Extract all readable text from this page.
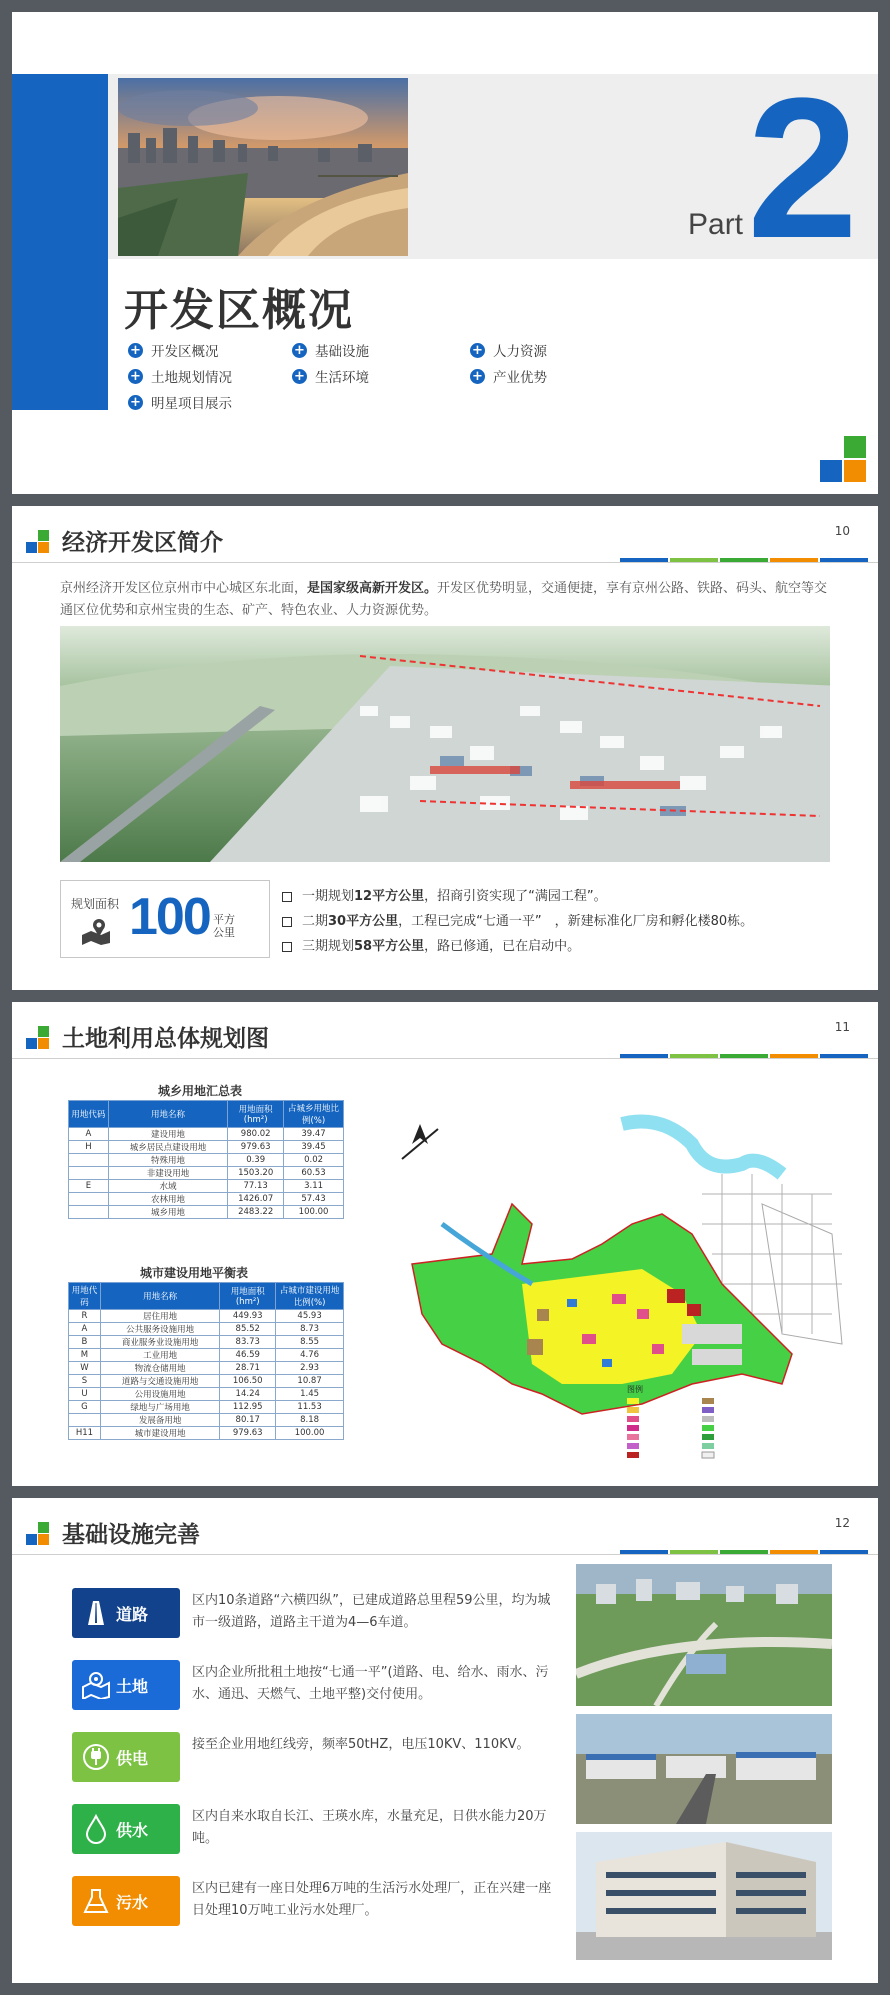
Part 2
开发区概况
+ 开发区概况	+ 基础设施	+ 人力资源
+ 土地规划情况	+ 生活环境	+ 产业优势
+ 明星项目展示
经济开发区简介	10
京州经济开发区位京州市中心城区东北面，是国家级高新开发区。开发区优势明显，交通便捷，享有京州公路、铁路、码头、航空等交通区位优势和京州宝贵的生态、矿产、特色农业、人力资源优势。
规划面积 100 平方公里
一期规划 12平方公里 ，招商引资实现了“满园工程”。
二期 30平方公里 ，工程已完成“七通一平”　，新建标准化厂房和孵化楼80栋。
三期规划 58平方公里 ，路已修通，已在启动中。
土地利用总体规划图	11
城乡用地汇总表
用地代码	用地名称	用地面积(hm²)	占城乡用地比例(%)
A	建设用地	980.02	39.47
H	城乡居民点建设用地	979.63	39.45
	特殊用地	0.39	0.02
	非建设用地	1503.20	60.53
E	水域	77.13	3.11
	农林用地	1426.07	57.43
	城乡用地	2483.22	100.00
城市建设用地平衡表
用地代码	用地名称	用地面积(hm²)	占城市建设用地比例(%)
R	居住用地	449.93	45.93
A	公共服务设施用地	85.52	8.73
B	商业服务业设施用地	83.73	8.55
M	工业用地	46.59	4.76
W	物流仓储用地	28.71	2.93
S	道路与交通设施用地	106.50	10.87
U	公用设施用地	14.24	1.45
G	绿地与广场用地	112.95	11.53
	发展备用地	80.17	8.18
H11	城市建设用地	979.63	100.00
图例
基础设施完善	12
道路
区内10条道路“六横四纵”，已建成道路总里程59公里，均为城市一级道路，道路主干道为4—6车道。
土地
区内企业所批租土地按“七通一平”(道路、电、给水、雨水、污水、通迅、天燃气、土地平整)交付使用。
供电
接至企业用地红线旁，频率50tHZ，电压10KV、110KV。
供水
区内自来水取自长江、王瑛水库，水量充足，日供水能力20万吨。
污水
区内已建有一座日处理6万吨的生活污水处理厂，正在兴建一座日处理10万吨工业污水处理厂。
